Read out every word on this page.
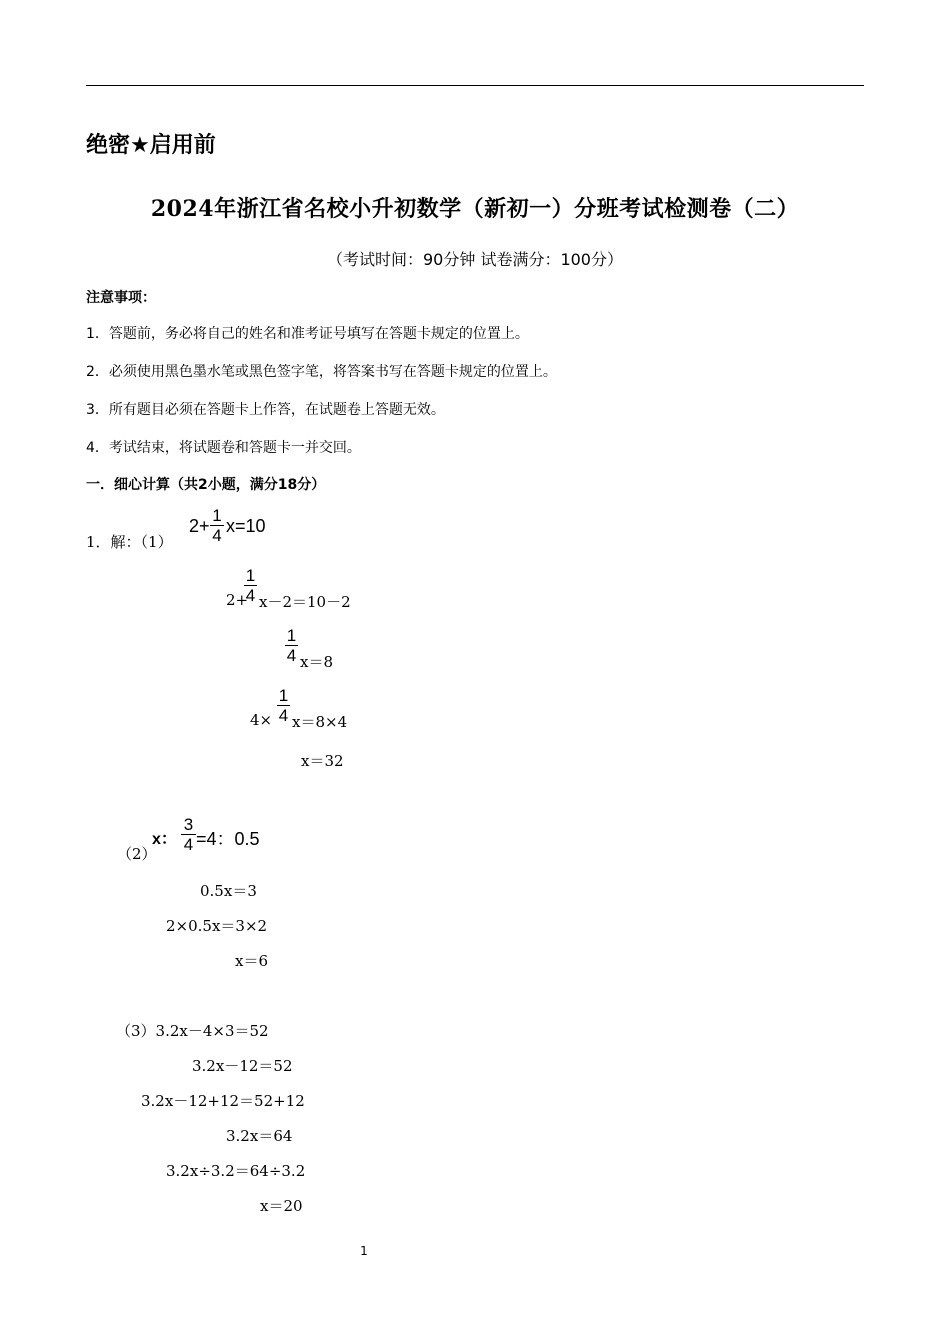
绝密★启用前
2024年浙江省名校小升初数学（新初一）分班考试检测卷（二）
（考试时间：90分钟 试卷满分：100分）
注意事项：
1．答题前，务必将自己的姓名和准考证号填写在答题卡规定的位置上。
2．必须使用黑色墨水笔或黑色签字笔，将答案书写在答题卡规定的位置上。
3．所有题目必须在答题卡上作答，在试题卷上答题无效。
4．考试结束，将试题卷和答题卡一并交回。
一．细心计算（共2小题，满分18分）
1．解：（1）
2+
1
4 x=10
2+
1
4 x－2＝10－2
1
4 x＝8
4×
1
4 x＝8×4
x＝32
（2）
x：
3
4 =4：0.5
0.5x＝3
2×0.5x＝3×2
x＝6
（3）3.2x－4×3＝52
3.2x－12＝52
3.2x－12+12＝52+12
3.2x＝64
3.2x÷3.2＝64÷3.2
x＝20
1
